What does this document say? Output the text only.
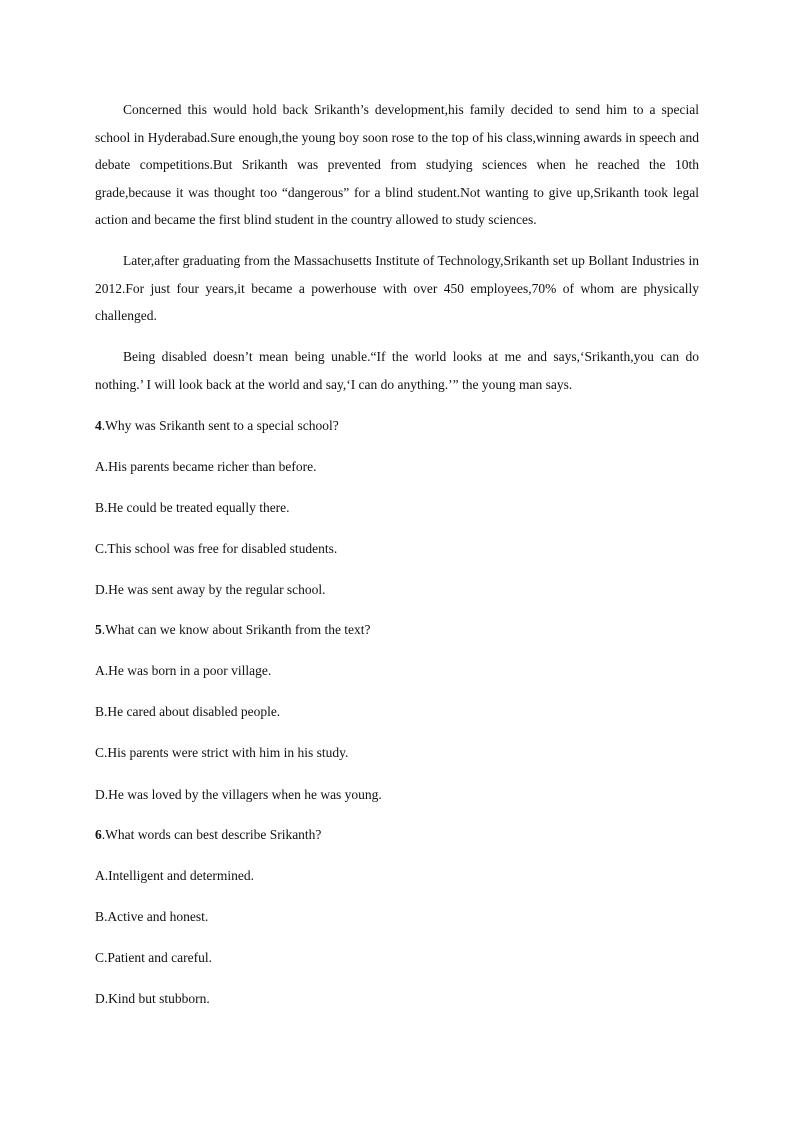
Concerned this would hold back Srikanth’s development,his family decided to send him to a special school in Hyderabad.Sure enough,the young boy soon rose to the top of his class,winning awards in speech and debate competitions.But Srikanth was prevented from studying sciences when he reached the 10th grade,because it was thought too “dangerous” for a blind student.Not wanting to give up,Srikanth took legal action and became the first blind student in the country allowed to study sciences.

Later,after graduating from the Massachusetts Institute of Technology,Srikanth set up Bollant Industries in 2012.For just four years,it became a powerhouse with over 450 employees,70% of whom are physically challenged.

Being disabled doesn’t mean being unable.“If the world looks at me and says,‘Srikanth,you can do nothing.’ I will look back at the world and say,‘I can do anything.’” the young man says.

4.Why was Srikanth sent to a special school?

A.His parents became richer than before.

B.He could be treated equally there.

C.This school was free for disabled students.

D.He was sent away by the regular school.

5.What can we know about Srikanth from the text?

A.He was born in a poor village.

B.He cared about disabled people.

C.His parents were strict with him in his study.

D.He was loved by the villagers when he was young.

6.What words can best describe Srikanth?

A.Intelligent and determined.

B.Active and honest.

C.Patient and careful.

D.Kind but stubborn.
